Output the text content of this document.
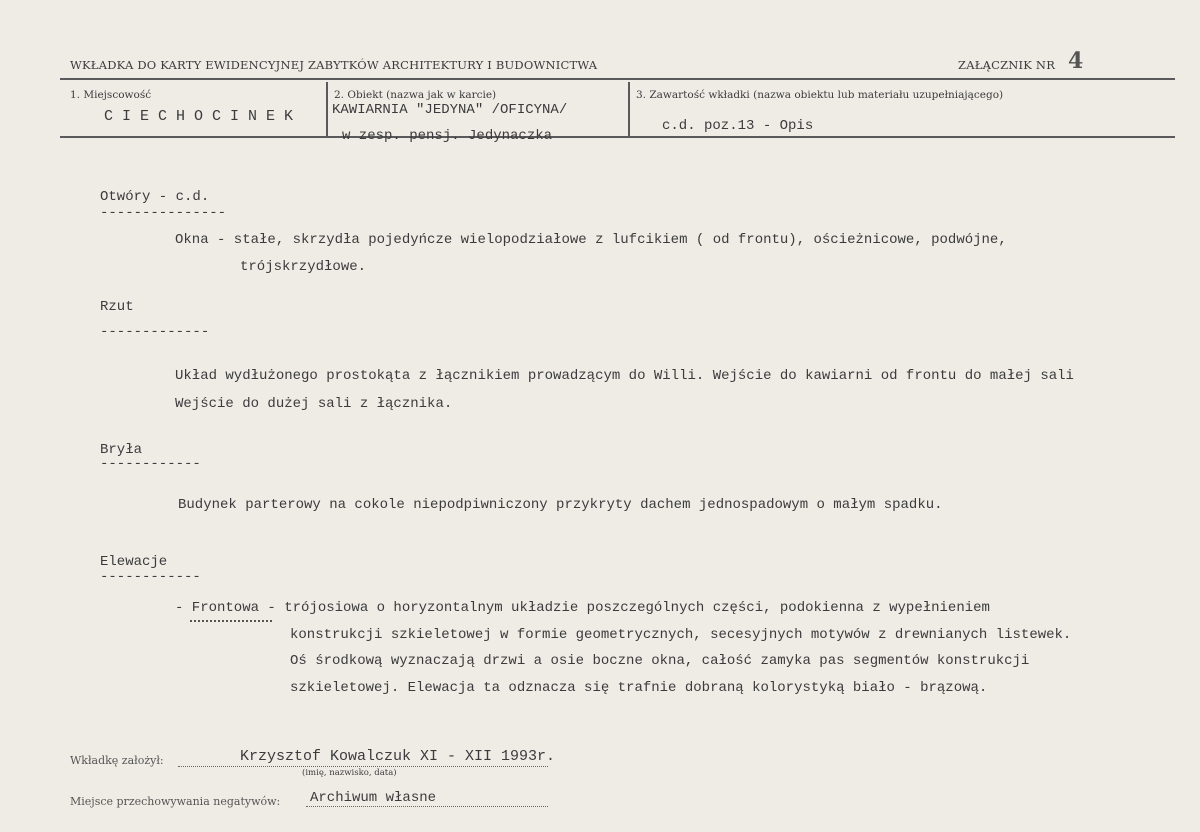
WKŁADKA DO KARTY EWIDENCYJNEJ ZABYTKÓW ARCHITEKTURY I BUDOWNICTWA	ZAŁĄCZNIK NR 4
1. Miejscowość
C I E C H O C I N E K
2. Obiekt (nazwa jak w karcie)
KAWIARNIA "JEDYNA" /OFICYNA/
w zesp. pensj. Jedynaczka
3. Zawartość wkładki (nazwa obiektu lub materiału uzupełniającego)
c.d. poz.13 - Opis
Otwóry - c.d.
---------------
Okna - stałe, skrzydła pojedyńcze wielopodziałowe z lufcikiem ( od frontu), ościeżnicowe, podwójne,
trójskrzydłowe.
Rzut
-------------
Układ wydłużonego prostokąta z łącznikiem prowadzącym do Willi. Wejście do kawiarni od frontu do małej sali
Wejście do dużej sali z łącznika.
Bryła
------------
Budynek parterowy na cokole niepodpiwniczony przykryty dachem jednospadowym o małym spadku.
Elewacje
------------
- Frontowa - trójosiowa o horyzontalnym układzie poszczególnych części, podokienna z wypełnieniem
konstrukcji szkieletowej w formie geometrycznych, secesyjnych motywów z drewnianych listewek.
Oś środkową wyznaczają drzwi a osie boczne okna, całość zamyka pas segmentów konstrukcji
szkieletowej. Elewacja ta odznacza się trafnie dobraną kolorystyką biało - brązową.
Wkładkę założył:	Krzysztof Kowalczuk XI - XII 1993r.
(imię, nazwisko, data)
Miejsce przechowywania negatywów: Archiwum własne
